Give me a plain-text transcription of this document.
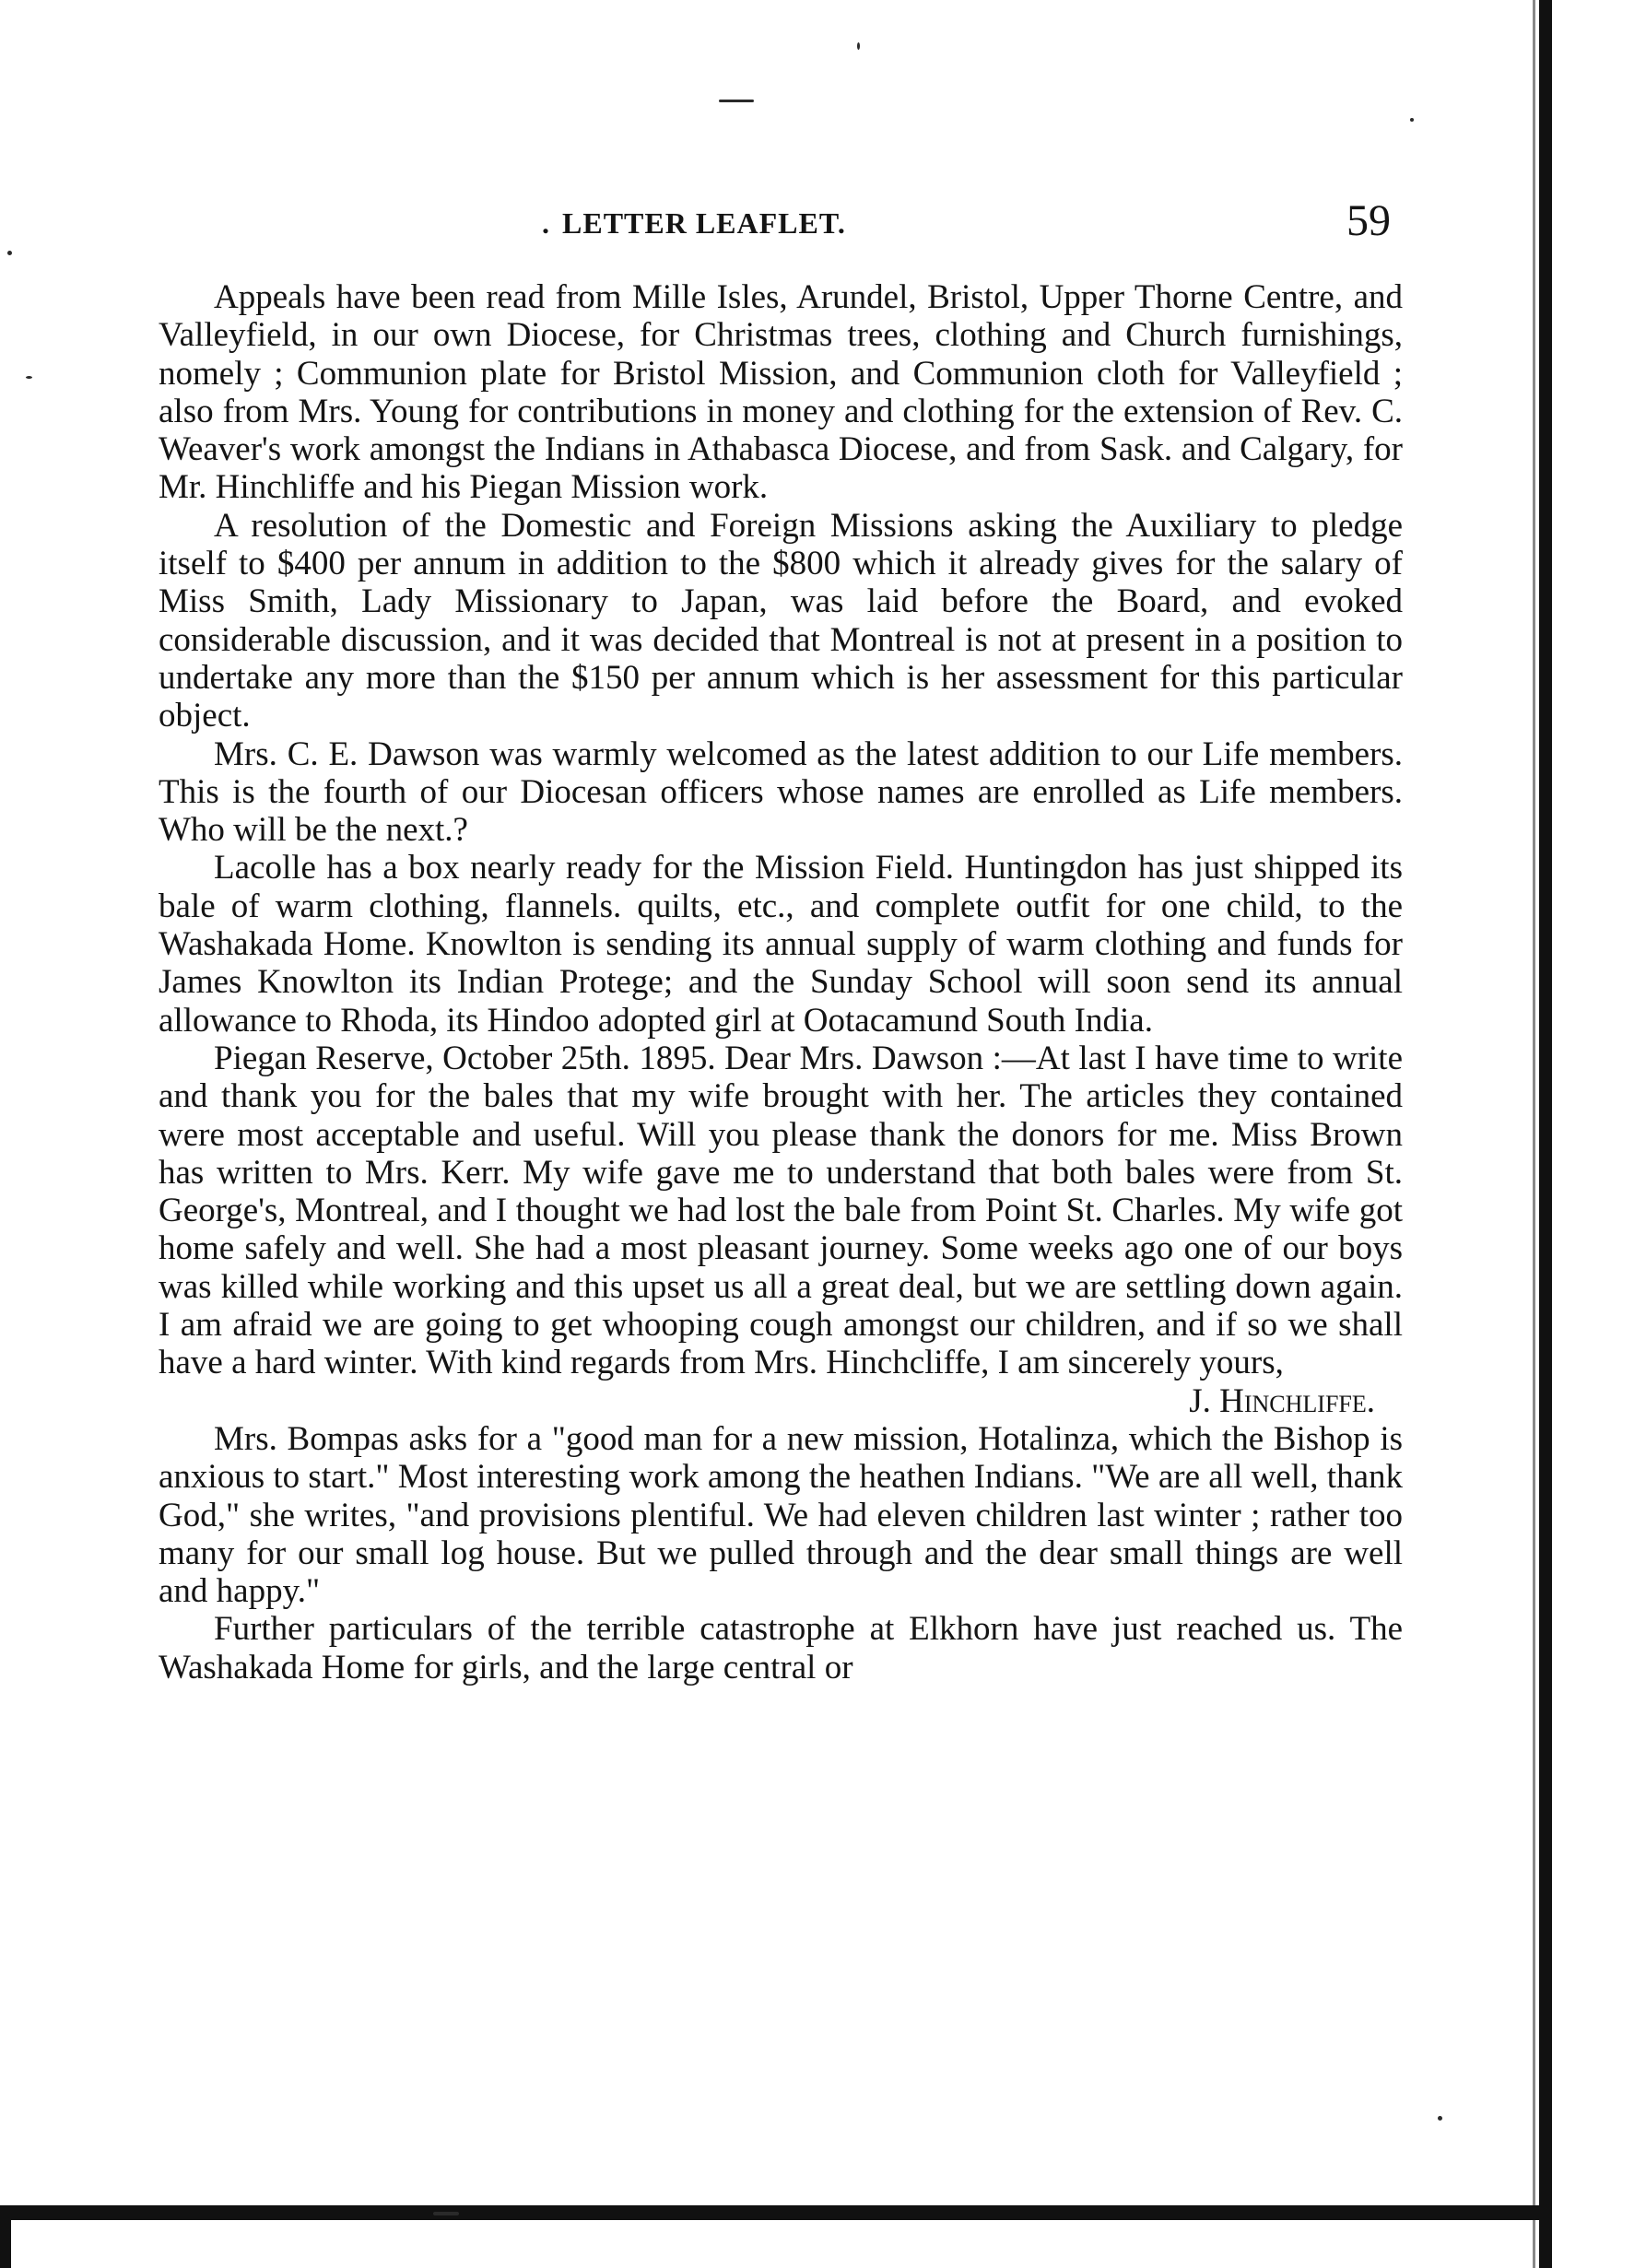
. LETTER LEAFLET.	59

Appeals have been read from Mille Isles, Arundel, Bristol, Upper Thorne Centre, and Valleyfield, in our own Diocese, for Christmas trees, clothing and Church furnishings, nomely ; Communion plate for Bristol Mission, and Communion cloth for Valleyfield ; also from Mrs. Young for contributions in money and clothing for the extension of Rev. C. Weaver's work amongst the Indians in Athabasca Diocese, and from Sask. and Calgary, for Mr. Hinchliffe and his Piegan Mission work.

A resolution of the Domestic and Foreign Missions asking the Auxiliary to pledge itself to $400 per annum in addition to the $800 which it already gives for the salary of Miss Smith, Lady Missionary to Japan, was laid before the Board, and evoked considerable discussion, and it was decided that Montreal is not at present in a position to undertake any more than the $150 per annum which is her assessment for this particular object.

Mrs. C. E. Dawson was warmly welcomed as the latest addition to our Life members. This is the fourth of our Diocesan officers whose names are enrolled as Life members. Who will be the next.?

Lacolle has a box nearly ready for the Mission Field. Huntingdon has just shipped its bale of warm clothing, flannels. quilts, etc., and complete outfit for one child, to the Washakada Home. Knowlton is sending its annual supply of warm clothing and funds for James Knowlton its Indian Protege; and the Sunday School will soon send its annual allowance to Rhoda, its Hindoo adopted girl at Ootacamund South India.

Piegan Reserve, October 25th. 1895. Dear Mrs. Dawson :—At last I have time to write and thank you for the bales that my wife brought with her. The articles they contained were most acceptable and useful. Will you please thank the donors for me. Miss Brown has written to Mrs. Kerr. My wife gave me to understand that both bales were from St. George's, Montreal, and I thought we had lost the bale from Point St. Charles. My wife got home safely and well. She had a most pleasant journey. Some weeks ago one of our boys was killed while working and this upset us all a great deal, but we are settling down again. I am afraid we are going to get whooping cough amongst our children, and if so we shall have a hard winter. With kind regards from Mrs. Hinchcliffe, I am sincerely yours,

J. Hinchliffe.

Mrs. Bompas asks for a "good man for a new mission, Hotalinza, which the Bishop is anxious to start." Most interesting work among the heathen Indians. "We are all well, thank God," she writes, "and provisions plentiful. We had eleven children last winter ; rather too many for our small log house. But we pulled through and the dear small things are well and happy."

Further particulars of the terrible catastrophe at Elkhorn have just reached us. The Washakada Home for girls, and the large central or
